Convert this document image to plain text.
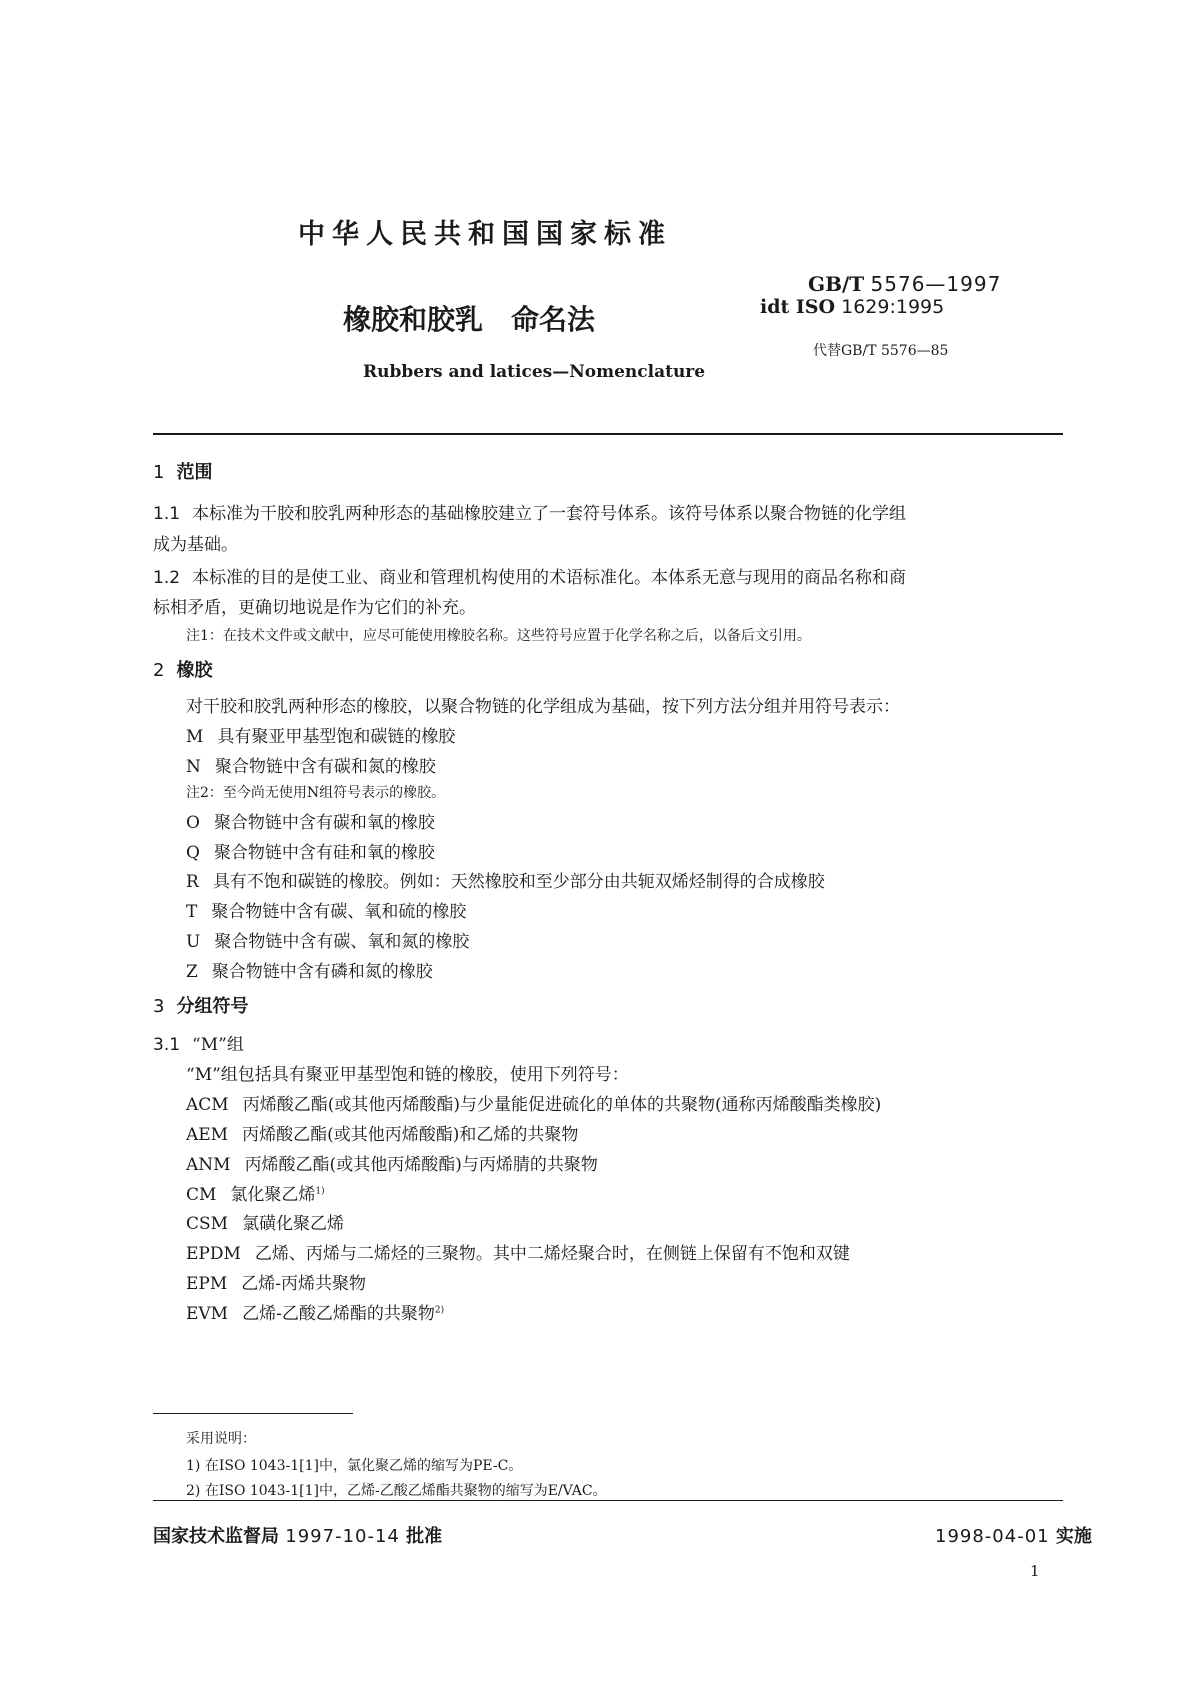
中华人民共和国国家标准
GB/T 5576—1997
idt ISO 1629:1995
橡胶和胶乳　命名法
代替GB/T 5576—85
Rubbers and latices—Nomenclature
1 范围
1.1 本标准为干胶和胶乳两种形态的基础橡胶建立了一套符号体系。该符号体系以聚合物链的化学组
成为基础。
1.2 本标准的目的是使工业、商业和管理机构使用的术语标准化。本体系无意与现用的商品名称和商
标相矛盾，更确切地说是作为它们的补充。
注1：在技术文件或文献中，应尽可能使用橡胶名称。这些符号应置于化学名称之后，以备后文引用。
2 橡胶
对干胶和胶乳两种形态的橡胶，以聚合物链的化学组成为基础，按下列方法分组并用符号表示：
M 具有聚亚甲基型饱和碳链的橡胶
N 聚合物链中含有碳和氮的橡胶
注2：至今尚无使用N组符号表示的橡胶。
O 聚合物链中含有碳和氧的橡胶
Q 聚合物链中含有硅和氧的橡胶
R 具有不饱和碳链的橡胶。例如：天然橡胶和至少部分由共轭双烯烃制得的合成橡胶
T 聚合物链中含有碳、氧和硫的橡胶
U 聚合物链中含有碳、氧和氮的橡胶
Z 聚合物链中含有磷和氮的橡胶
3 分组符号
3.1 “M”组
“M”组包括具有聚亚甲基型饱和链的橡胶，使用下列符号：
ACM 丙烯酸乙酯(或其他丙烯酸酯)与少量能促进硫化的单体的共聚物(通称丙烯酸酯类橡胶)
AEM 丙烯酸乙酯(或其他丙烯酸酯)和乙烯的共聚物
ANM 丙烯酸乙酯(或其他丙烯酸酯)与丙烯腈的共聚物
CM 氯化聚乙烯$^{1)}$
CSM 氯磺化聚乙烯
EPDM 乙烯、丙烯与二烯烃的三聚物。其中二烯烃聚合时，在侧链上保留有不饱和双键
EPM 乙烯-丙烯共聚物
EVM 乙烯-乙酸乙烯酯的共聚物$^{2)}$
采用说明：
1) 在ISO 1043-1[1]中，氯化聚乙烯的缩写为PE-C。
2) 在ISO 1043-1[1]中，乙烯-乙酸乙烯酯共聚物的缩写为E/VAC。
国家技术监督局 1997-10-14 批准	1998-04-01 实施
1
